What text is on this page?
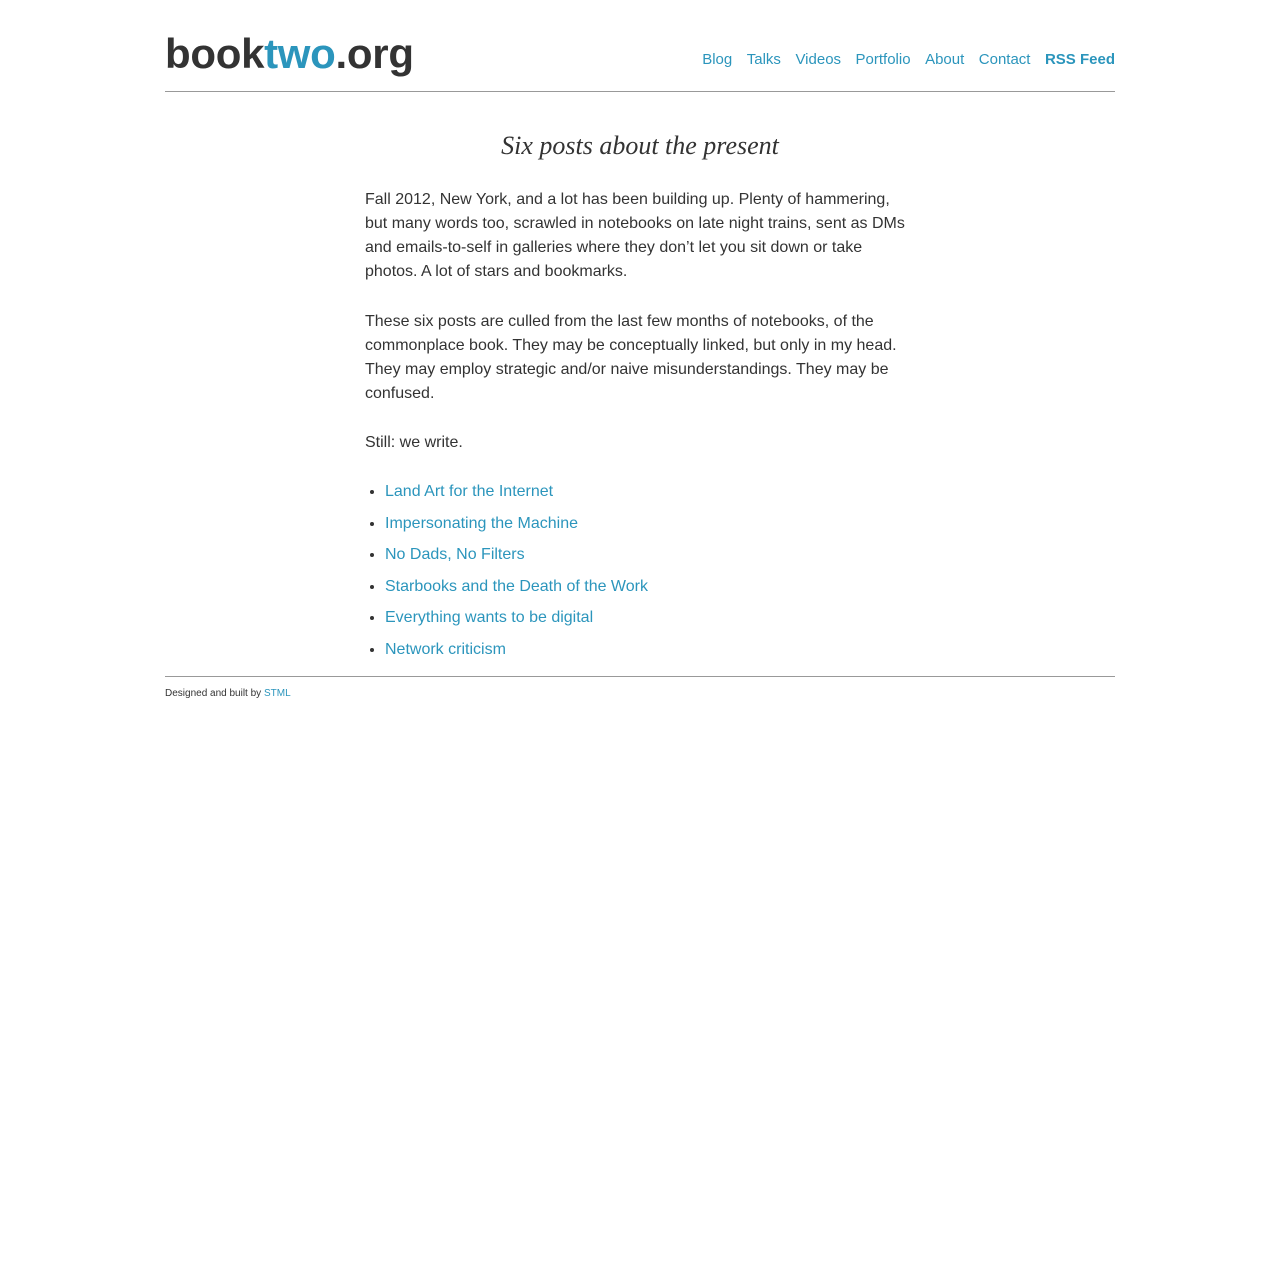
booktwo.org	Blog Talks Videos Portfolio About Contact RSS Feed
Six posts about the present

Fall 2012, New York, and a lot has been building up. Plenty of hammering, but many words too, scrawled in notebooks on late night trains, sent as DMs and emails-to-self in galleries where they don’t let you sit down or take photos. A lot of stars and bookmarks.

These six posts are culled from the last few months of notebooks, of the commonplace book. They may be conceptually linked, but only in my head. They may employ strategic and/or naive misunderstandings. They may be confused.

Still: we write.

• Land Art for the Internet
• Impersonating the Machine
• No Dads, No Filters
• Starbooks and the Death of the Work
• Everything wants to be digital
• Network criticism
Designed and built by STML
